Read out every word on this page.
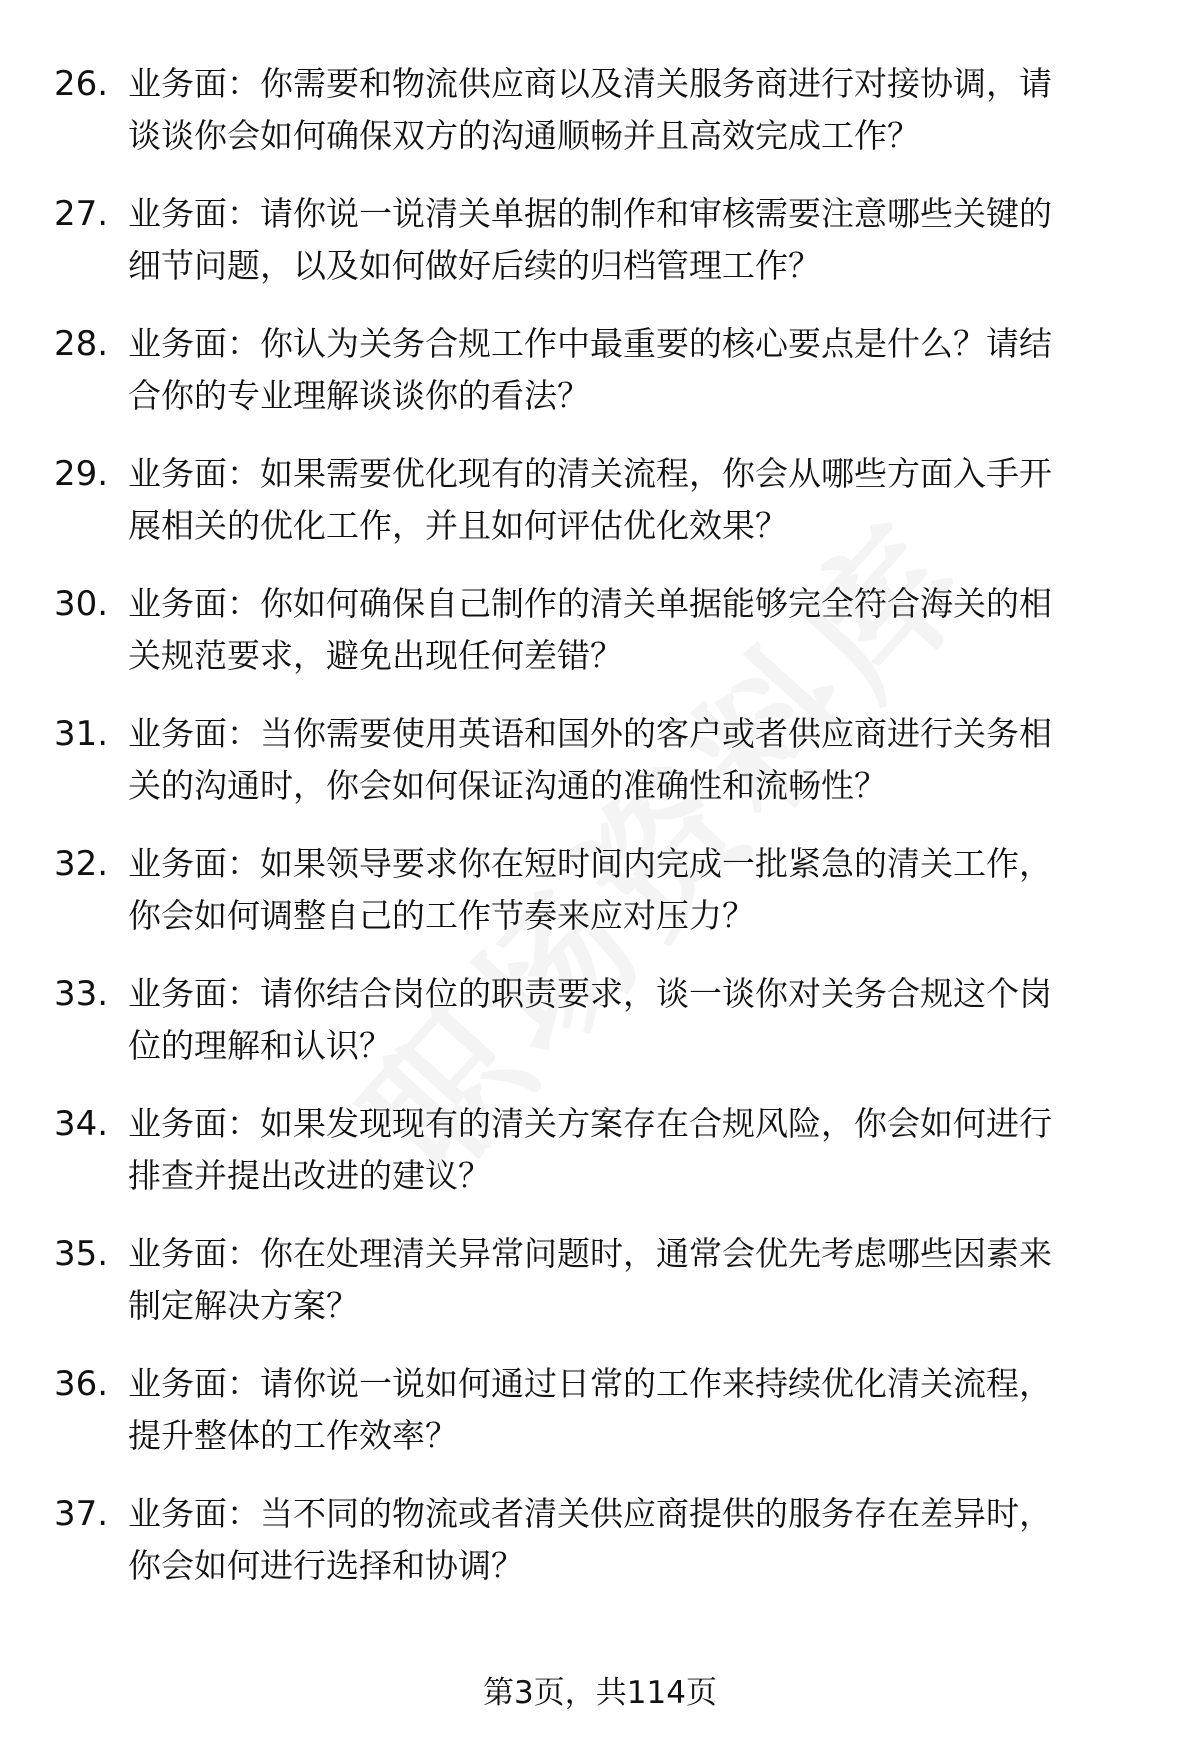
26. 业务面：你需要和物流供应商以及清关服务商进行对接协调，请
谈谈你会如何确保双方的沟通顺畅并且高效完成工作？
27. 业务面：请你说一说清关单据的制作和审核需要注意哪些关键的
细节问题，以及如何做好后续的归档管理工作？
28. 业务面：你认为关务合规工作中最重要的核心要点是什么？请结
合你的专业理解谈谈你的看法？
29. 业务面：如果需要优化现有的清关流程，你会从哪些方面入手开
展相关的优化工作，并且如何评估优化效果？
30. 业务面：你如何确保自己制作的清关单据能够完全符合海关的相
关规范要求，避免出现任何差错？
31. 业务面：当你需要使用英语和国外的客户或者供应商进行关务相
关的沟通时，你会如何保证沟通的准确性和流畅性？
32. 业务面：如果领导要求你在短时间内完成一批紧急的清关工作，
你会如何调整自己的工作节奏来应对压力？
33. 业务面：请你结合岗位的职责要求，谈一谈你对关务合规这个岗
位的理解和认识？
34. 业务面：如果发现现有的清关方案存在合规风险，你会如何进行
排查并提出改进的建议？
35. 业务面：你在处理清关异常问题时，通常会优先考虑哪些因素来
制定解决方案？
36. 业务面：请你说一说如何通过日常的工作来持续优化清关流程，
提升整体的工作效率？
37. 业务面：当不同的物流或者清关供应商提供的服务存在差异时，
你会如何进行选择和协调？
第3页，共114页
